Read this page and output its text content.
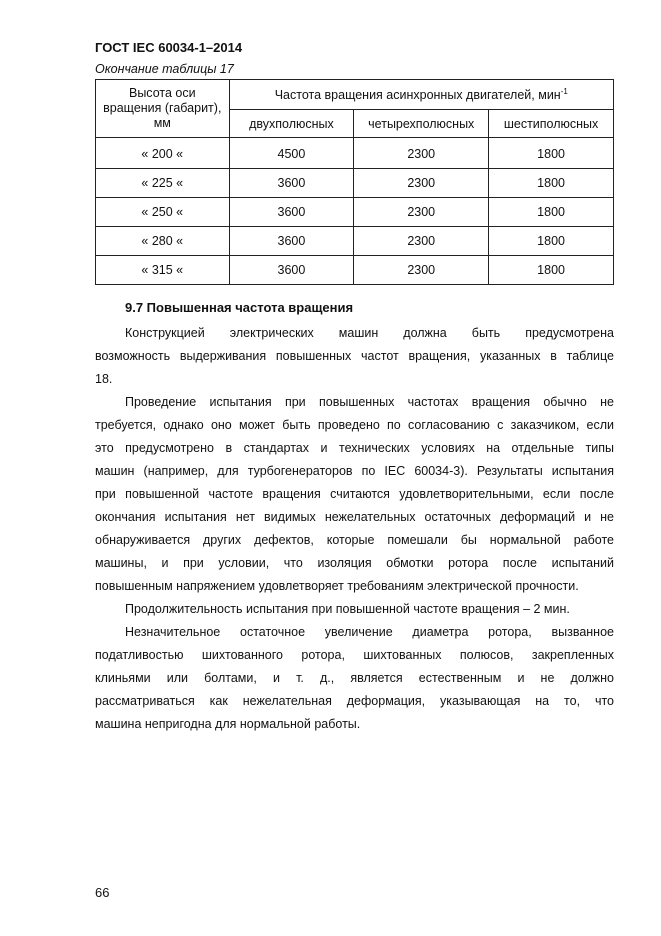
ГОСТ IEC 60034-1–2014
Окончание таблицы 17
Высота оси
вращения (габарит),
мм	Частота вращения асинхронных двигателей, мин$^{-1}$
	двухполюсных	четырехполюсных	шестиполюсных
« 200 «	4500	2300	1800
« 225 «	3600	2300	1800
« 250 «	3600	2300	1800
« 280 «	3600	2300	1800
« 315 «	3600	2300	1800
9.7 Повышенная частота вращения
Конструкцией электрических машин должна быть предусмотрена
возможность выдерживания повышенных частот вращения, указанных в таблице
18.
Проведение испытания при повышенных частотах вращения обычно не
требуется, однако оно может быть проведено по согласованию с заказчиком, если
это предусмотрено в стандартах и технических условиях на отдельные типы
машин (например, для турбогенераторов по IEC 60034-3). Результаты испытания
при повышенной частоте вращения считаются удовлетворительными, если после
окончания испытания нет видимых нежелательных остаточных деформаций и не
обнаруживается других дефектов, которые помешали бы нормальной работе
машины, и при условии, что изоляция обмотки ротора после испытаний
повышенным напряжением удовлетворяет требованиям электрической прочности.
Продолжительность испытания при повышенной частоте вращения – 2 мин.
Незначительное остаточное увеличение диаметра ротора, вызванное
податливостью шихтованного ротора, шихтованных полюсов, закрепленных
клиньями или болтами, и т. д., является естественным и не должно
рассматриваться как нежелательная деформация, указывающая на то, что
машина непригодна для нормальной работы.
66
